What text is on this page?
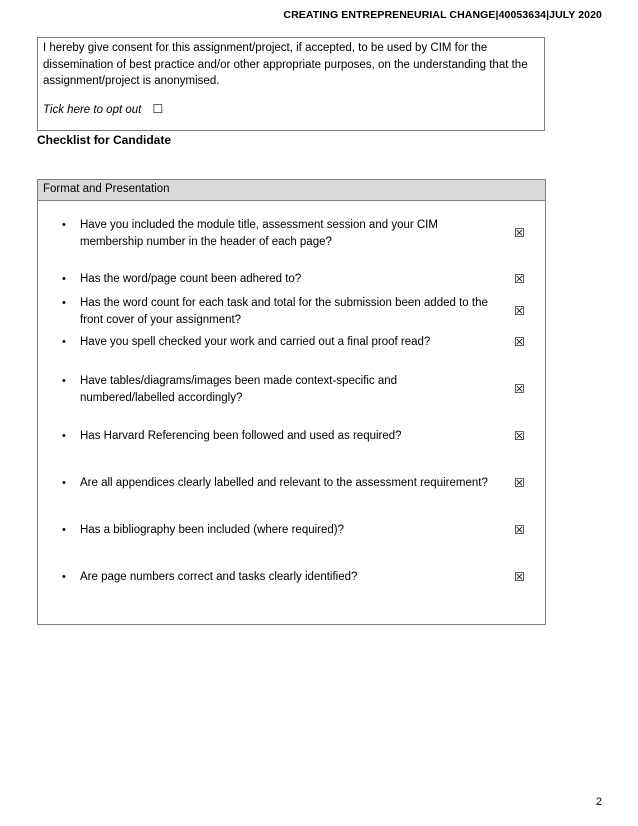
CREATING ENTREPRENEURIAL CHANGE|40053634|JULY 2020
I hereby give consent for this assignment/project, if accepted, to be used by CIM for the dissemination of best practice and/or other appropriate purposes, on the understanding that the assignment/project is anonymised.
Tick here to opt out ☐
Checklist for Candidate
Format and Presentation
• Have you included the module title, assessment session and your CIM membership number in the header of each page?
☒
• Has the word/page count been adhered to?	☒
• Has the word count for each task and total for the submission been added to the front cover of your assignment?
☒
• Have you spell checked your work and carried out a final proof read?	☒
• Have tables/diagrams/images been made context-specific and numbered/labelled accordingly?
☒
• Has Harvard Referencing been followed and used as required?	☒
• Are all appendices clearly labelled and relevant to the assessment requirement?	☒
• Has a bibliography been included (where required)?	☒
• Are page numbers correct and tasks clearly identified?	☒
2
